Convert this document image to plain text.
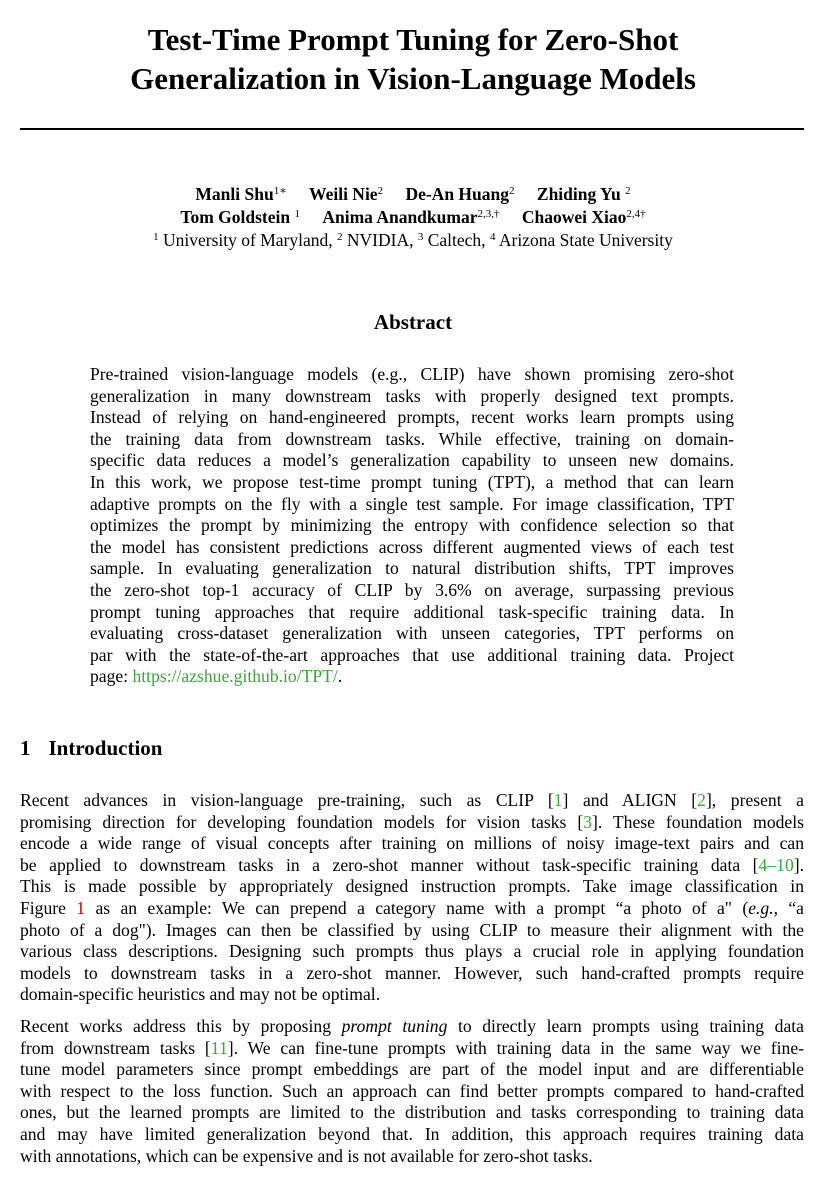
Test-Time Prompt Tuning for Zero-Shot
Generalization in Vision-Language Models
Manli Shu$^{1∗}$ Weili Nie$^2$ De-An Huang$^2$ Zhiding Yu $^2$
Tom Goldstein $^1$ Anima Anandkumar$^{2,3,\dagger}$ Chaowei Xiao$^{2,4\dagger}$
$^1$ University of Maryland, $^2$ NVIDIA, $^3$ Caltech, $^4$ Arizona State University
Abstract
Pre-trained vision-language models (e.g., CLIP) have shown promising zero-shot
generalization in many downstream tasks with properly designed text prompts.
Instead of relying on hand-engineered prompts, recent works learn prompts using
the training data from downstream tasks. While effective, training on domain-
specific data reduces a model’s generalization capability to unseen new domains.
In this work, we propose test-time prompt tuning (TPT), a method that can learn
adaptive prompts on the fly with a single test sample. For image classification, TPT
optimizes the prompt by minimizing the entropy with confidence selection so that
the model has consistent predictions across different augmented views of each test
sample. In evaluating generalization to natural distribution shifts, TPT improves
the zero-shot top-1 accuracy of CLIP by 3.6% on average, surpassing previous
prompt tuning approaches that require additional task-specific training data. In
evaluating cross-dataset generalization with unseen categories, TPT performs on
par with the state-of-the-art approaches that use additional training data. Project
page: https://azshue.github.io/TPT/.
1 Introduction
Recent advances in vision-language pre-training, such as CLIP [1] and ALIGN [2], present a
promising direction for developing foundation models for vision tasks [3]. These foundation models
encode a wide range of visual concepts after training on millions of noisy image-text pairs and can
be applied to downstream tasks in a zero-shot manner without task-specific training data [4–10].
This is made possible by appropriately designed instruction prompts. Take image classification in
Figure 1 as an example: We can prepend a category name with a prompt “a photo of a" (e.g., “a
photo of a dog"). Images can then be classified by using CLIP to measure their alignment with the
various class descriptions. Designing such prompts thus plays a crucial role in applying foundation
models to downstream tasks in a zero-shot manner. However, such hand-crafted prompts require
domain-specific heuristics and may not be optimal.
Recent works address this by proposing prompt tuning to directly learn prompts using training data
from downstream tasks [11]. We can fine-tune prompts with training data in the same way we fine-
tune model parameters since prompt embeddings are part of the model input and are differentiable
with respect to the loss function. Such an approach can find better prompts compared to hand-crafted
ones, but the learned prompts are limited to the distribution and tasks corresponding to training data
and may have limited generalization beyond that. In addition, this approach requires training data
with annotations, which can be expensive and is not available for zero-shot tasks.
